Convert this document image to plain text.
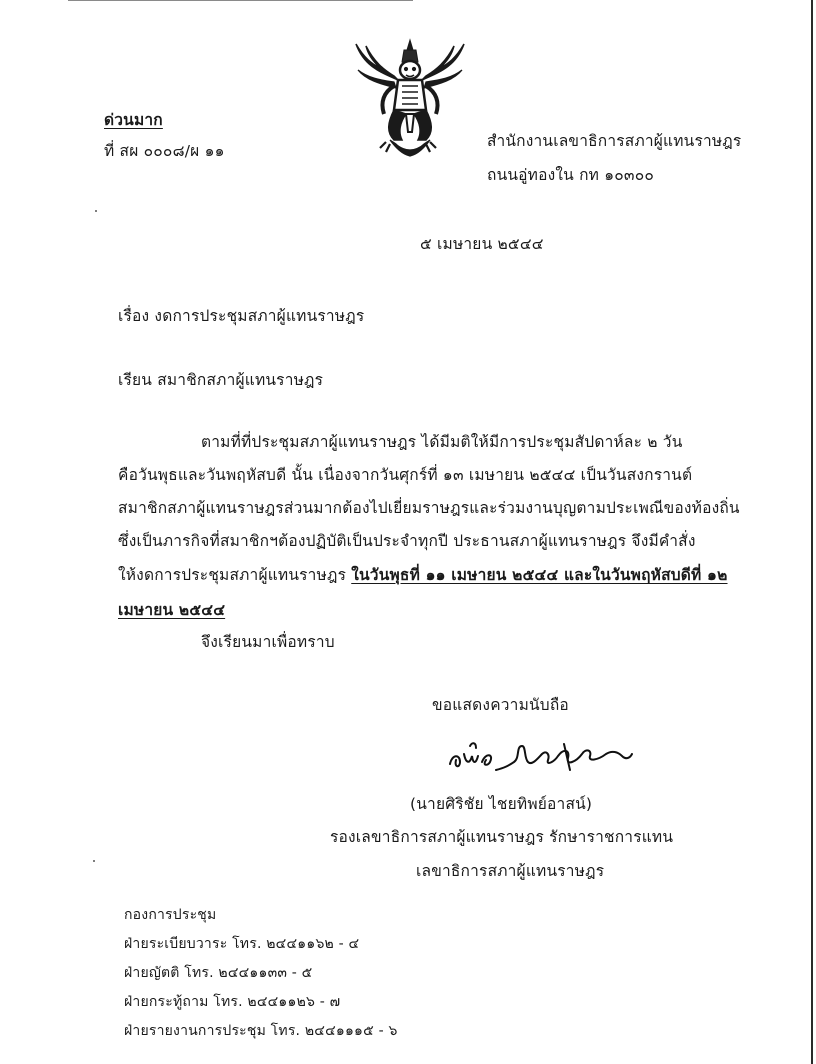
ด่วนมาก
ที่ สผ ๐๐๐๘/ผ ๑๑
สำนักงานเลขาธิการสภาผู้แทนราษฎร
ถนนอู่ทองใน กท ๑๐๓๐๐
๕ เมษายน ๒๕๔๔
เรื่อง งดการประชุมสภาผู้แทนราษฎร
เรียน สมาชิกสภาผู้แทนราษฎร
ตามที่ที่ประชุมสภาผู้แทนราษฎร ได้มีมติให้มีการประชุมสัปดาห์ละ ๒ วัน
คือวันพุธและวันพฤหัสบดี นั้น เนื่องจากวันศุกร์ที่ ๑๓ เมษายน ๒๕๔๔ เป็นวันสงกรานต์
สมาชิกสภาผู้แทนราษฎรส่วนมากต้องไปเยี่ยมราษฎรและร่วมงานบุญตามประเพณีของท้องถิ่น
ซึ่งเป็นภารกิจที่สมาชิกฯต้องปฏิบัติเป็นประจำทุกปี ประธานสภาผู้แทนราษฎร จึงมีคำสั่ง
ให้งดการประชุมสภาผู้แทนราษฎร ในวันพุธที่ ๑๑ เมษายน ๒๕๔๔ และในวันพฤหัสบดีที่ ๑๒
เมษายน ๒๕๔๔
จึงเรียนมาเพื่อทราบ
ขอแสดงความนับถือ
(นายศิริชัย ไชยทิพย์อาสน์)
รองเลขาธิการสภาผู้แทนราษฎร รักษาราชการแทน
เลขาธิการสภาผู้แทนราษฎร
กองการประชุม
ฝ่ายระเบียบวาระ โทร. ๒๔๔๑๑๖๒ - ๔
ฝ่ายญัตติ โทร. ๒๔๔๑๑๓๓ - ๕
ฝ่ายกระทู้ถาม โทร. ๒๔๔๑๑๒๖ - ๗
ฝ่ายรายงานการประชุม โทร. ๒๔๔๑๑๑๕ - ๖
